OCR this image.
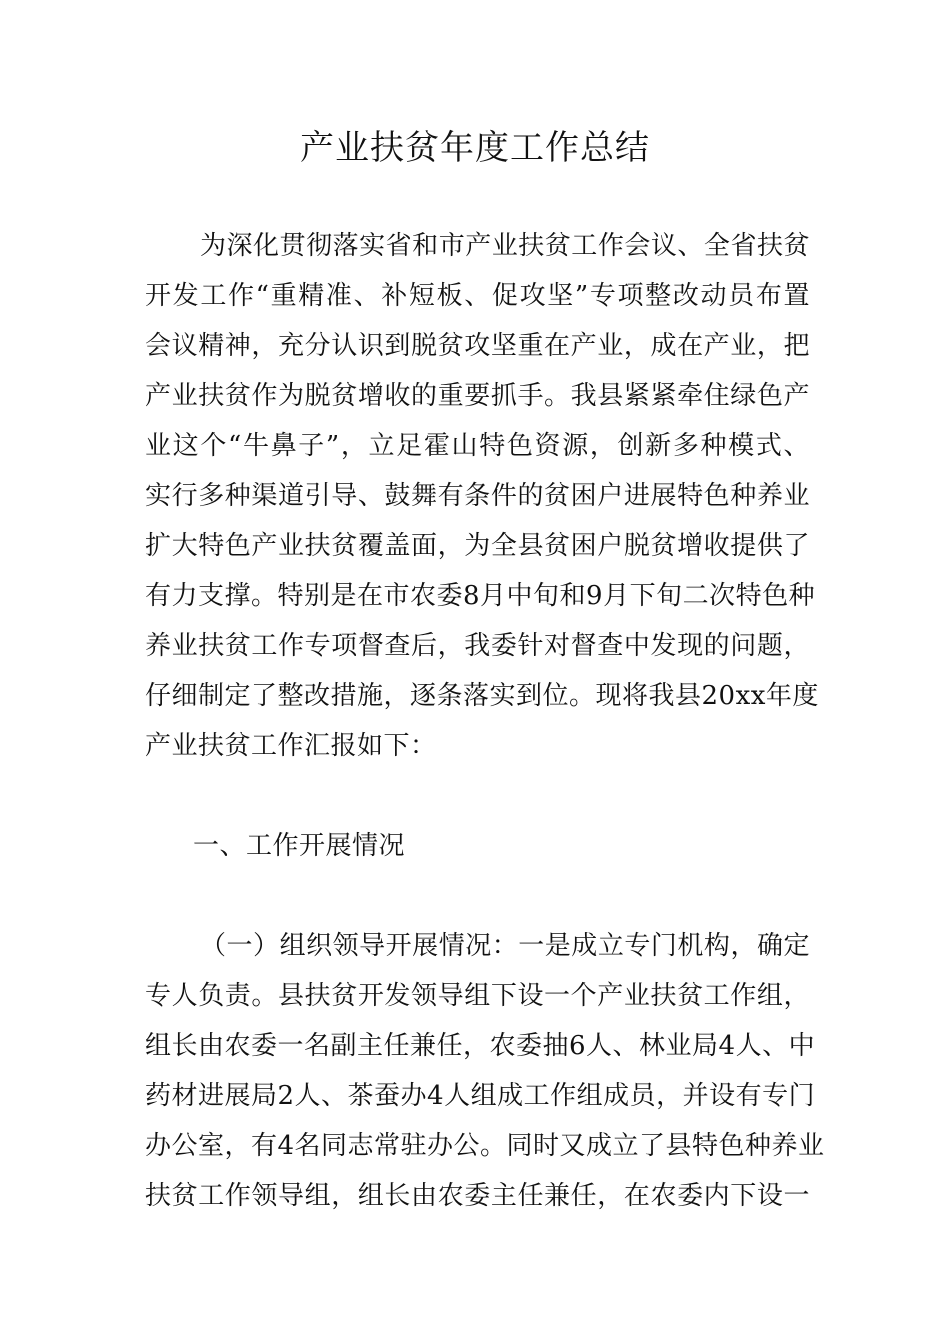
产业扶贫年度工作总结
为深化贯彻落实省和市产业扶贫工作会议、全省扶贫
开发工作“重精准、补短板、促攻坚”专项整改动员布置
会议精神，充分认识到脱贫攻坚重在产业，成在产业，把
产业扶贫作为脱贫增收的重要抓手。我县紧紧牵住绿色产
业这个“牛鼻子”，立足霍山特色资源，创新多种模式、
实行多种渠道引导、鼓舞有条件的贫困户进展特色种养业
扩大特色产业扶贫覆盖面，为全县贫困户脱贫增收提供了
有力支撑。特别是在市农委8月中旬和9月下旬二次特色种
养业扶贫工作专项督查后，我委针对督查中发现的问题，
仔细制定了整改措施，逐条落实到位。现将我县20xx年度
产业扶贫工作汇报如下：
一、工作开展情况
（一）组织领导开展情况：一是成立专门机构，确定
专人负责。县扶贫开发领导组下设一个产业扶贫工作组，
组长由农委一名副主任兼任，农委抽6人、林业局4人、中
药材进展局2人、茶蚕办4人组成工作组成员，并设有专门
办公室，有4名同志常驻办公。同时又成立了县特色种养业
扶贫工作领导组，组长由农委主任兼任，在农委内下设一
